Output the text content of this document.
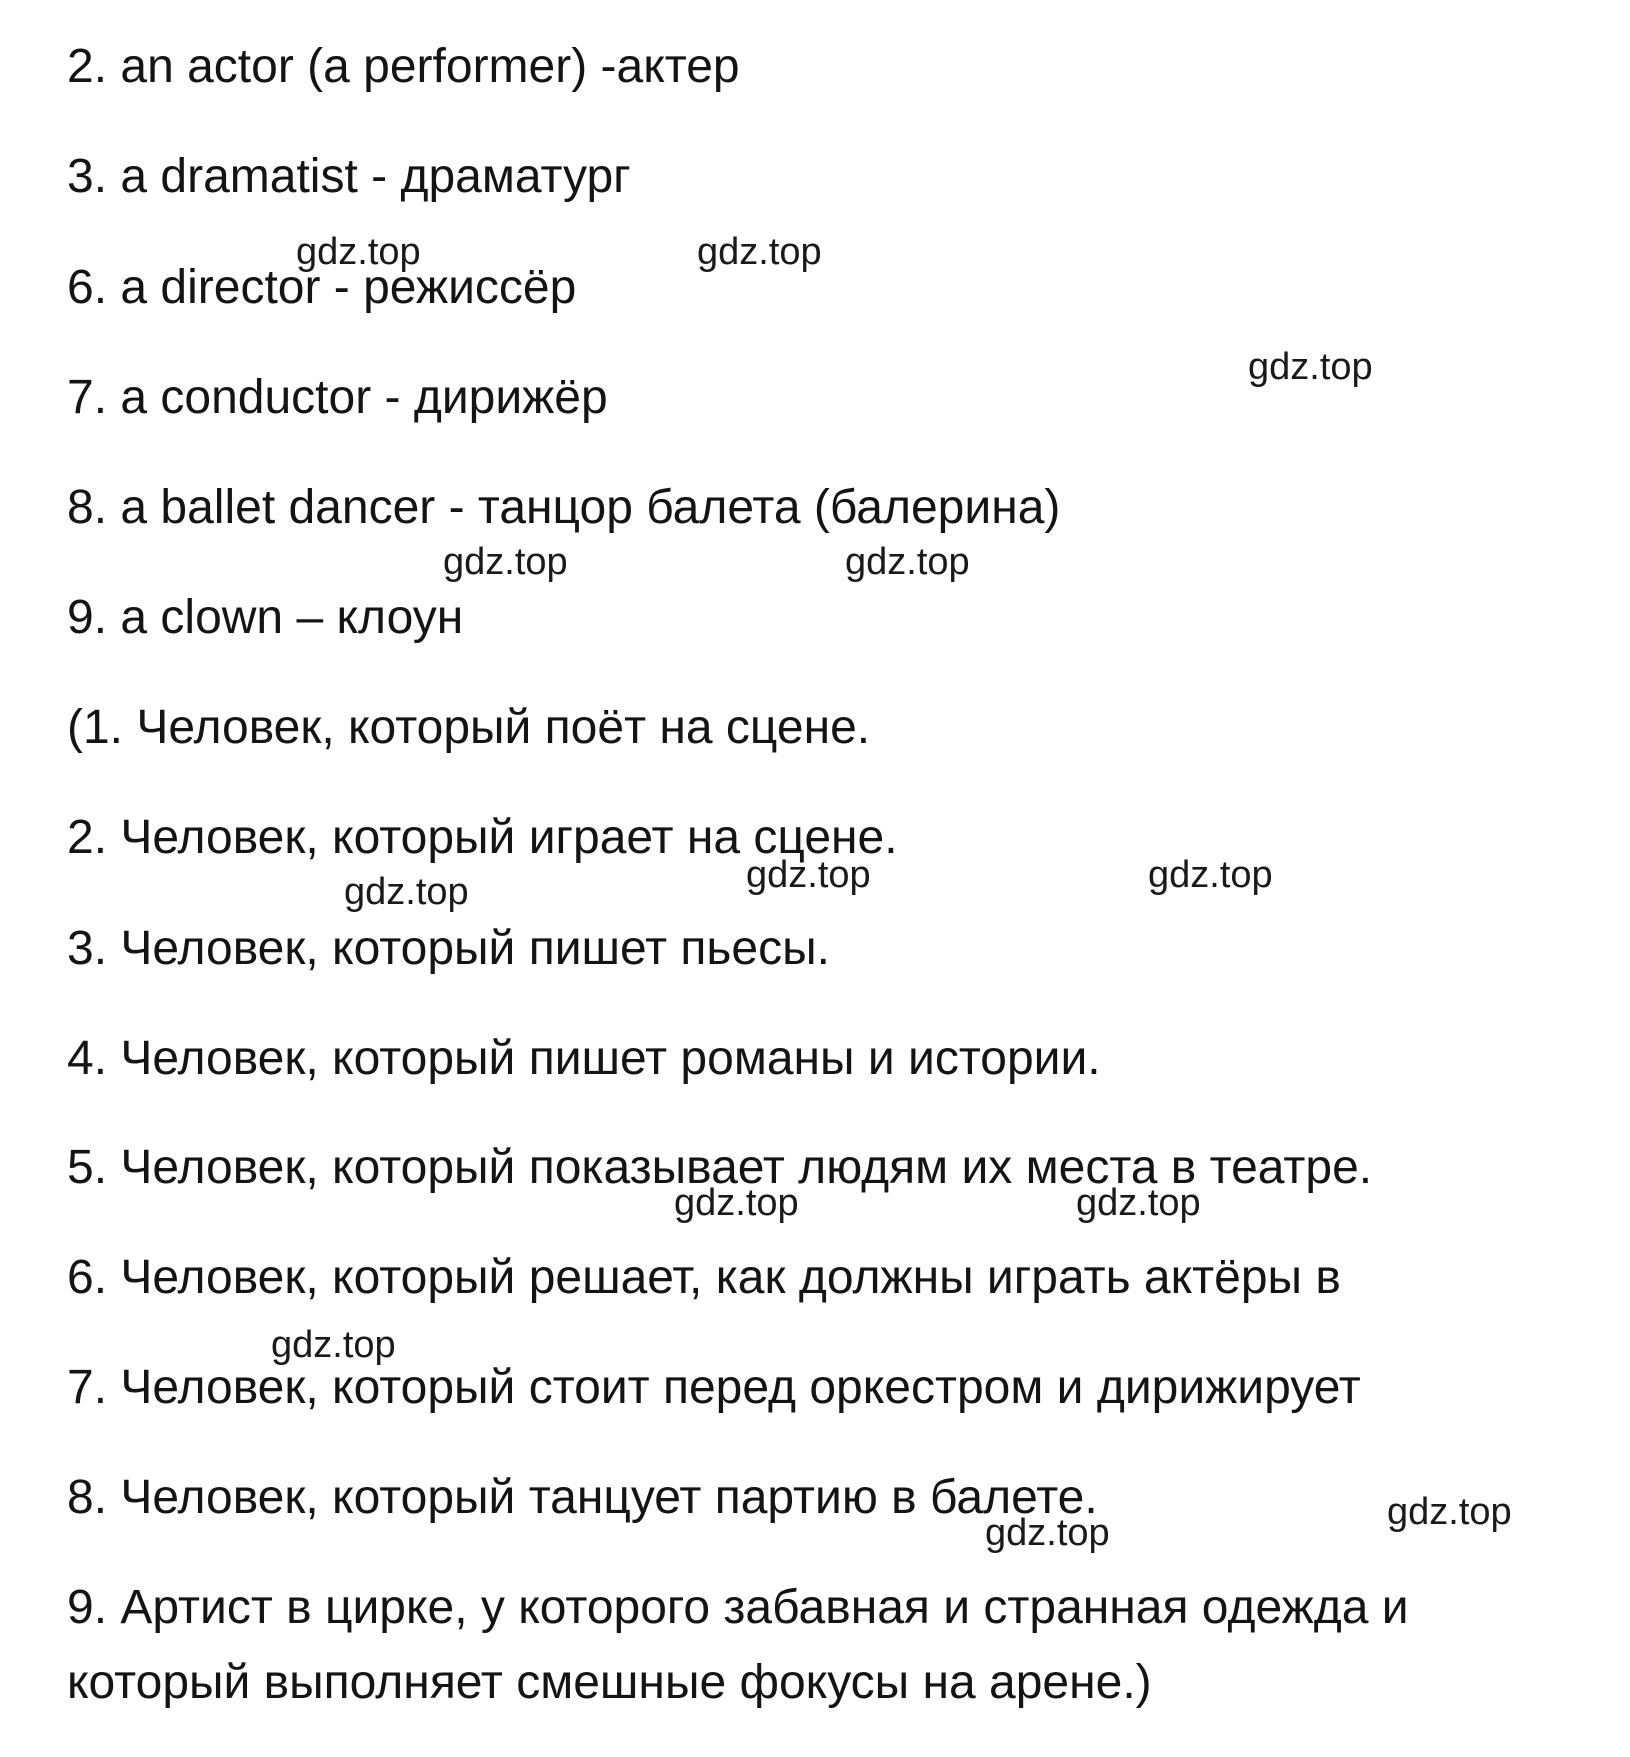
2. an actor (a performer) -актер
3. a dramatist - драматург
6. a director - режиссёр
7. a conductor - дирижёр
8. a ballet dancer - танцор балета (балерина)
9. a clown – клоун
(1. Человек, который поёт на сцене.
2. Человек, который играет на сцене.
3. Человек, который пишет пьесы.
4. Человек, который пишет романы и истории.
5. Человек, который показывает людям их места в театре.
6. Человек, который решает, как должны играть актёры в
7. Человек, который стоит перед оркестром и дирижирует
8. Человек, который танцует партию в балете.
9. Артист в цирке, у которого забавная и странная одежда и
который выполняет смешные фокусы на арене.)
gdz.top	gdz.top
gdz.top
gdz.top	gdz.top
gdz.top	gdz.top	gdz.top
gdz.top	gdz.top
gdz.top
gdz.top
gdz.top
